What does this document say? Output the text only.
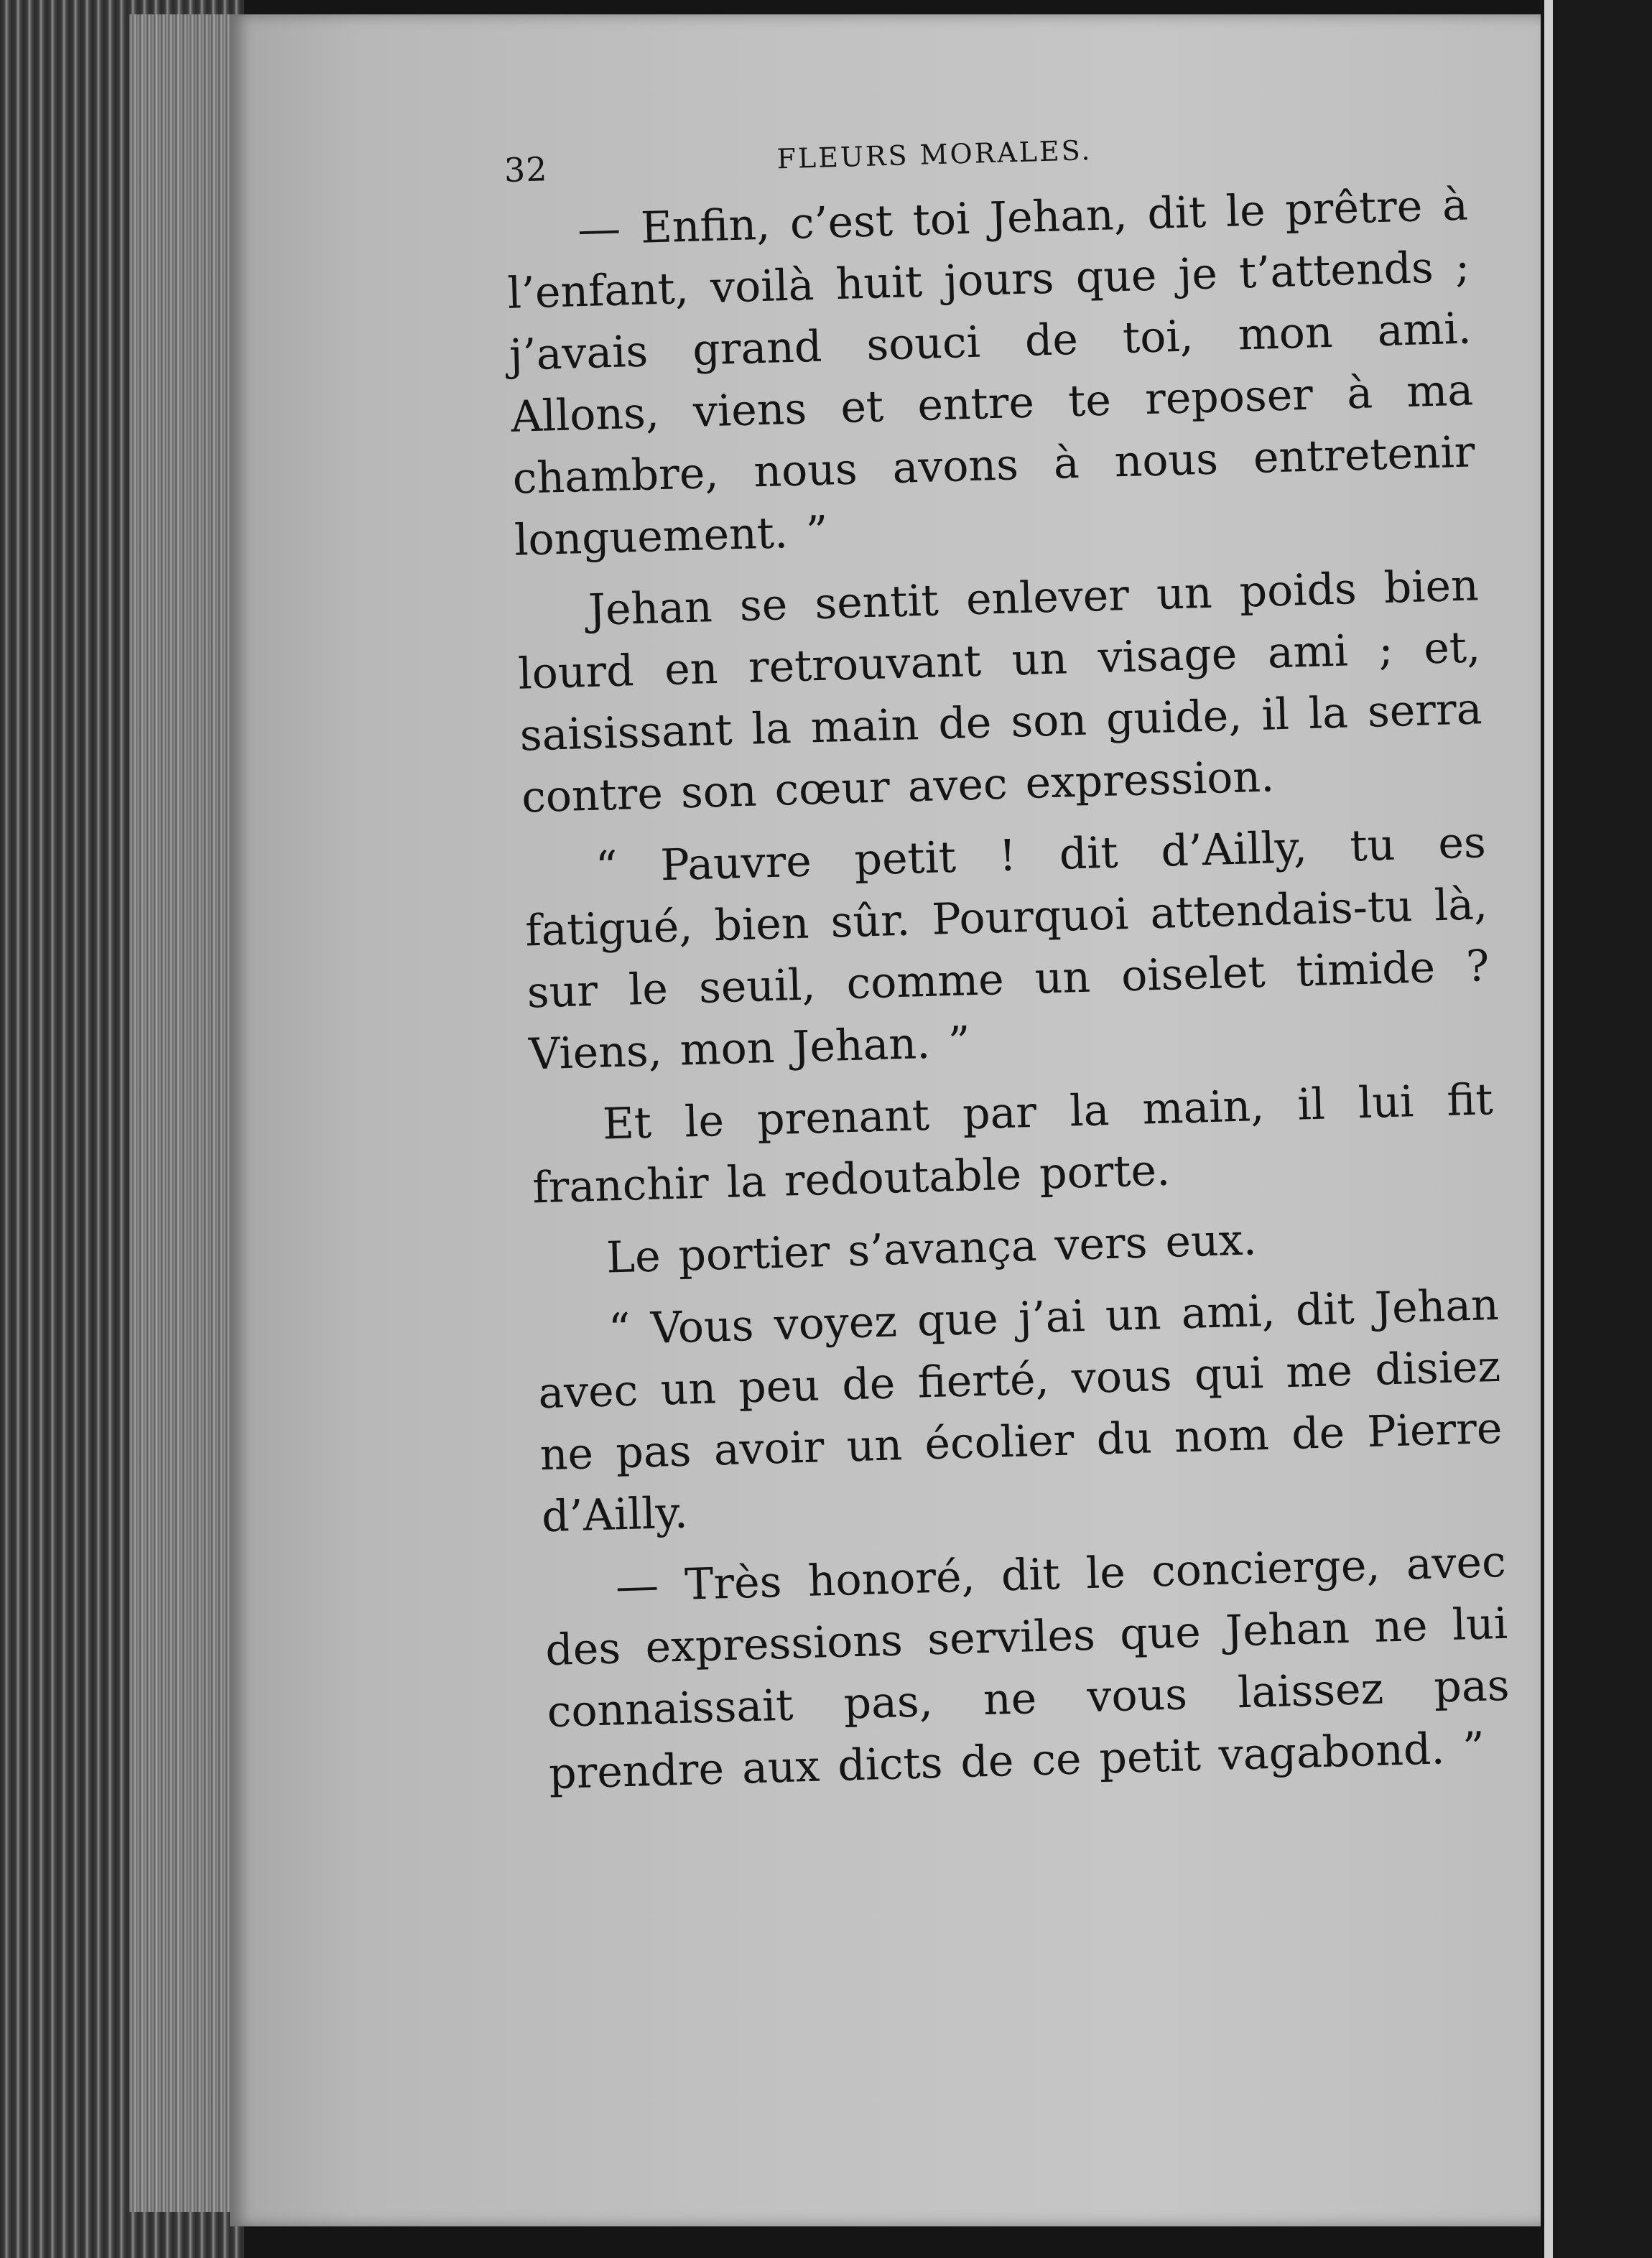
32	FLEURS MORALES.

— Enfin, c’est toi Jehan, dit le prêtre à l’enfant, voilà huit jours que je t’attends ; j’avais grand souci de toi, mon ami. Allons, viens et entre te reposer à ma chambre, nous avons à nous entretenir longuement. ”

Jehan se sentit enlever un poids bien lourd en retrouvant un visage ami ; et, saisissant la main de son guide, il la serra contre son cœur avec expression.

“ Pauvre petit ! dit d’Ailly, tu es fatigué, bien sûr. Pourquoi attendais-tu là, sur le seuil, comme un oiselet timide ? Viens, mon Jehan. ”

Et le prenant par la main, il lui fit franchir la redoutable porte.

Le portier s’avança vers eux.

“ Vous voyez que j’ai un ami, dit Jehan avec un peu de fierté, vous qui me disiez ne pas avoir un écolier du nom de Pierre d’Ailly.

— Très honoré, dit le concierge, avec des expressions serviles que Jehan ne lui connaissait pas, ne vous laissez pas prendre aux dicts de ce petit vagabond. ”
